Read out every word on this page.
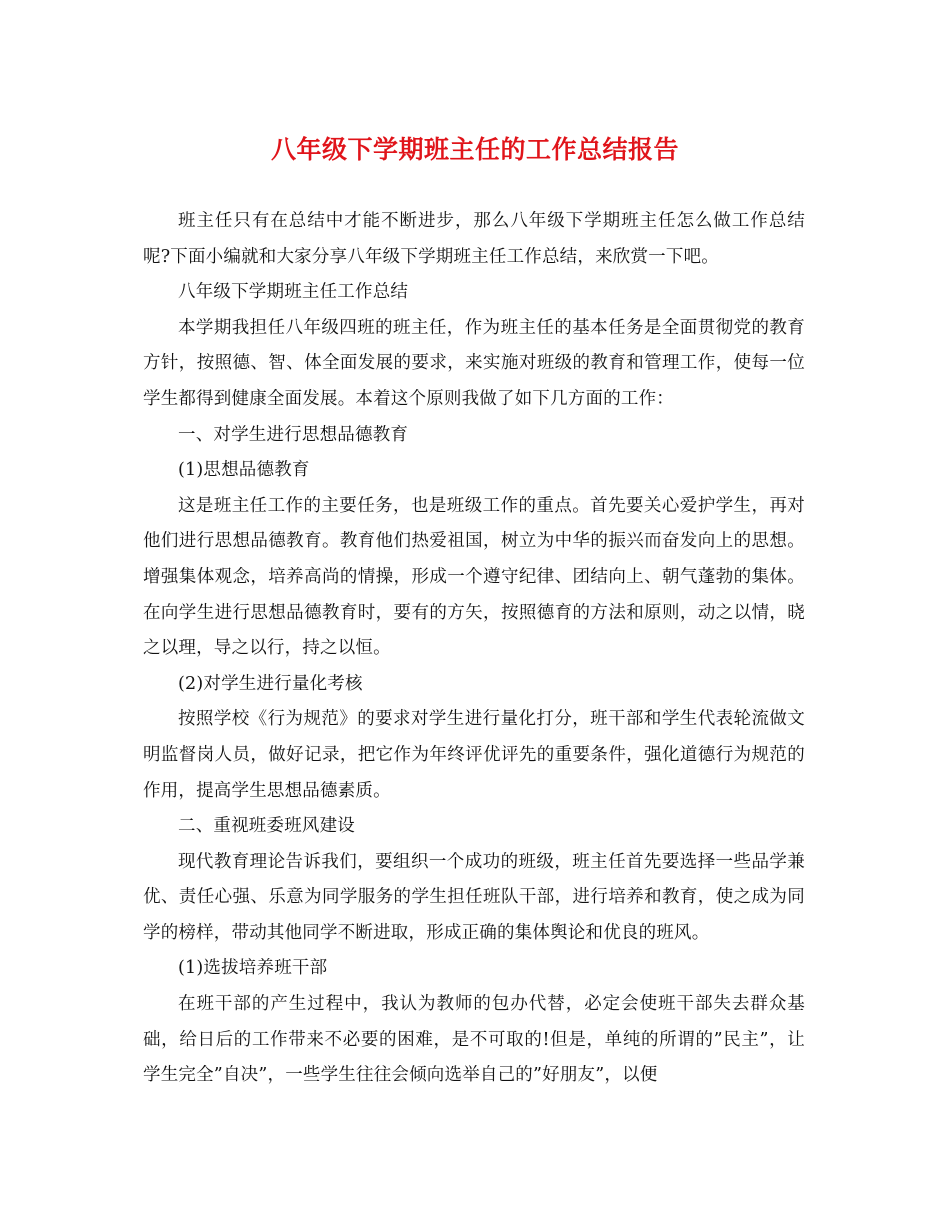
八年级下学期班主任的工作总结报告

班主任只有在总结中才能不断进步，那么八年级下学期班主任怎么做工作总结呢?下面小编就和大家分享八年级下学期班主任工作总结，来欣赏一下吧。

八年级下学期班主任工作总结

本学期我担任八年级四班的班主任，作为班主任的基本任务是全面贯彻党的教育方针，按照德、智、体全面发展的要求，来实施对班级的教育和管理工作，使每一位学生都得到健康全面发展。本着这个原则我做了如下几方面的工作：

一、对学生进行思想品德教育

(1)思想品德教育

这是班主任工作的主要任务，也是班级工作的重点。首先要关心爱护学生，再对他们进行思想品德教育。教育他们热爱祖国，树立为中华的振兴而奋发向上的思想。增强集体观念，培养高尚的情操，形成一个遵守纪律、团结向上、朝气蓬勃的集体。在向学生进行思想品德教育时，要有的方矢，按照德育的方法和原则，动之以情，晓之以理，导之以行，持之以恒。

(2)对学生进行量化考核

按照学校《行为规范》的要求对学生进行量化打分，班干部和学生代表轮流做文明监督岗人员，做好记录，把它作为年终评优评先的重要条件，强化道德行为规范的作用，提高学生思想品德素质。

二、重视班委班风建设

现代教育理论告诉我们，要组织一个成功的班级，班主任首先要选择一些品学兼优、责任心强、乐意为同学服务的学生担任班队干部，进行培养和教育，使之成为同学的榜样，带动其他同学不断进取，形成正确的集体舆论和优良的班风。

(1)选拔培养班干部

在班干部的产生过程中，我认为教师的包办代替，必定会使班干部失去群众基础，给日后的工作带来不必要的困难，是不可取的!但是，单纯的所谓的”民主”，让学生完全”自决”，一些学生往往会倾向选举自己的”好朋友”，以便
